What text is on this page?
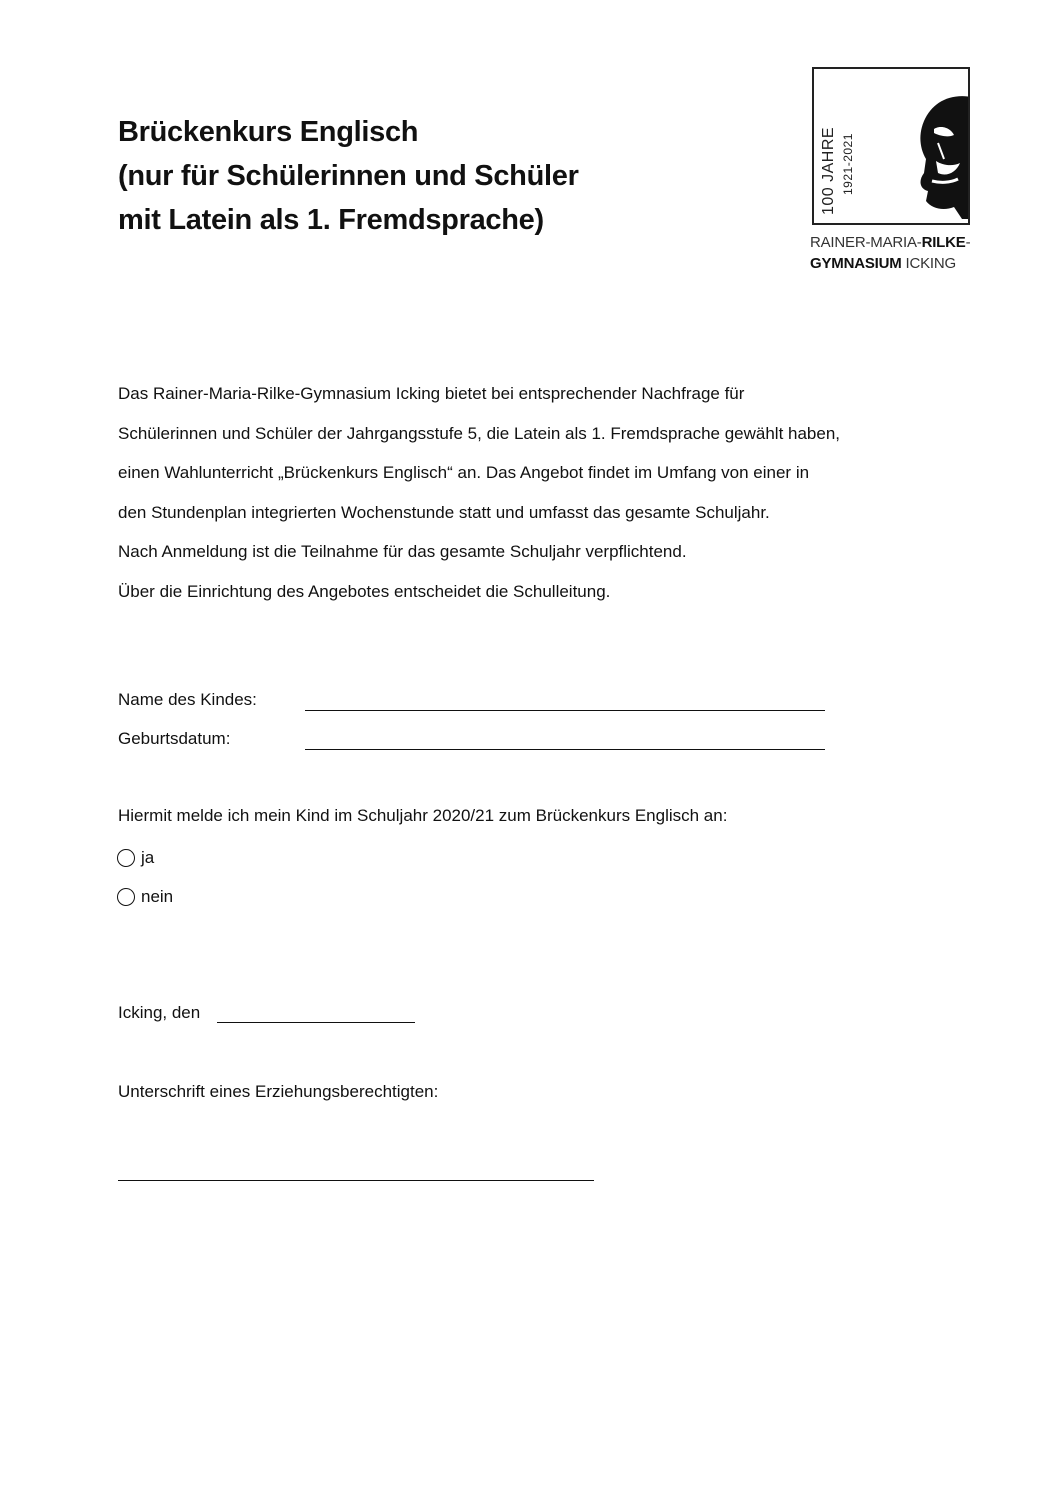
Brückenkurs Englisch
(nur für Schülerinnen und Schüler
mit Latein als 1. Fremdsprache)
100 JAHRE 1921-2021
RAINER-MARIA-RILKE-
GYMNASIUM ICKING
Das Rainer-Maria-Rilke-Gymnasium Icking bietet bei entsprechender Nachfrage für
Schülerinnen und Schüler der Jahrgangsstufe 5, die Latein als 1. Fremdsprache gewählt haben,
einen Wahlunterricht „Brückenkurs Englisch“ an. Das Angebot findet im Umfang von einer in
den Stundenplan integrierten Wochenstunde statt und umfasst das gesamte Schuljahr.
Nach Anmeldung ist die Teilnahme für das gesamte Schuljahr verpflichtend.
Über die Einrichtung des Angebotes entscheidet die Schulleitung.
Name des Kindes:
Geburtsdatum:
Hiermit melde ich mein Kind im Schuljahr 2020/21 zum Brückenkurs Englisch an:
ja
nein
Icking, den
Unterschrift eines Erziehungsberechtigten:
